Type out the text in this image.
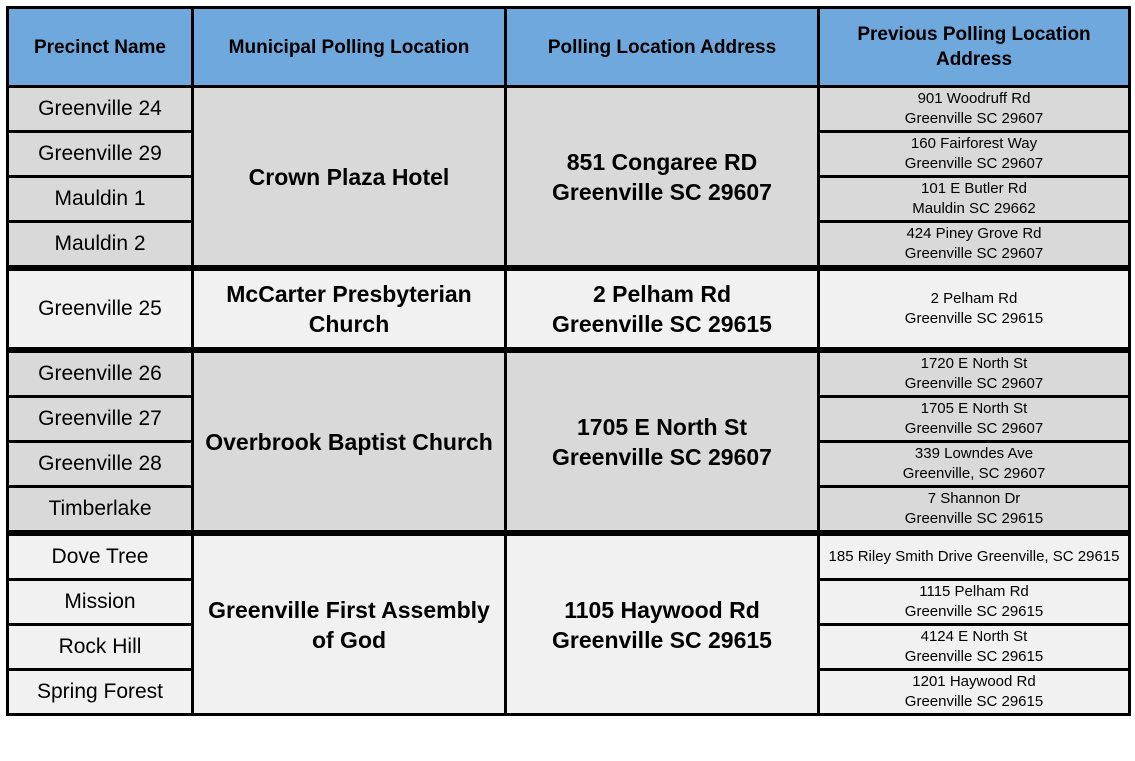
Precinct Name	Municipal Polling Location	Polling Location Address	Previous Polling Location Address
Greenville 24	Crown Plaza Hotel	851 Congaree RD
Greenville SC 29607	901 Woodruff Rd
Greenville SC 29607

Greenville 29			160 Fairforest Way
Greenville SC 29607

Mauldin 1			101 E Butler Rd
Mauldin SC 29662

Mauldin 2			424 Piney Grove Rd
Greenville SC 29607

Greenville 25	McCarter Presbyterian Church	2 Pelham Rd
Greenville SC 29615	2 Pelham Rd
Greenville SC 29615

Greenville 26	Overbrook Baptist Church	1705 E North St
Greenville SC 29607	1720 E North St
Greenville SC 29607

Greenville 27			1705 E North St
Greenville SC 29607

Greenville 28			339 Lowndes Ave
Greenville, SC 29607

Timberlake			7 Shannon Dr
Greenville SC 29615

Dove Tree	Greenville First Assembly of God	1105 Haywood Rd
Greenville SC 29615	185 Riley Smith Drive Greenville, SC 29615

Mission			1115 Pelham Rd
Greenville SC 29615

Rock Hill			4124 E North St
Greenville SC 29615

Spring Forest			1201 Haywood Rd
Greenville SC 29615
